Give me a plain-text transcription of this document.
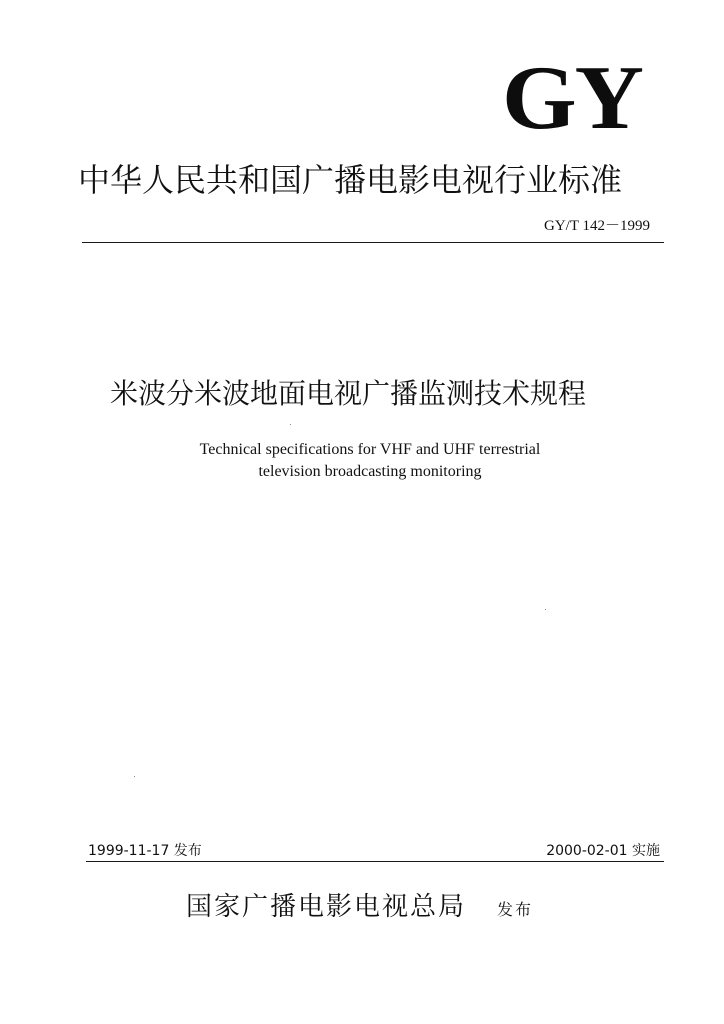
GY
中华人民共和国广播电影电视行业标准
GY/T 142－1999
米波分米波地面电视广播监测技术规程
Technical specifications for VHF and UHF terrestrial
television broadcasting monitoring
1999-11-17 发布	2000-02-01 实施
国家广播电影电视总局 发布
